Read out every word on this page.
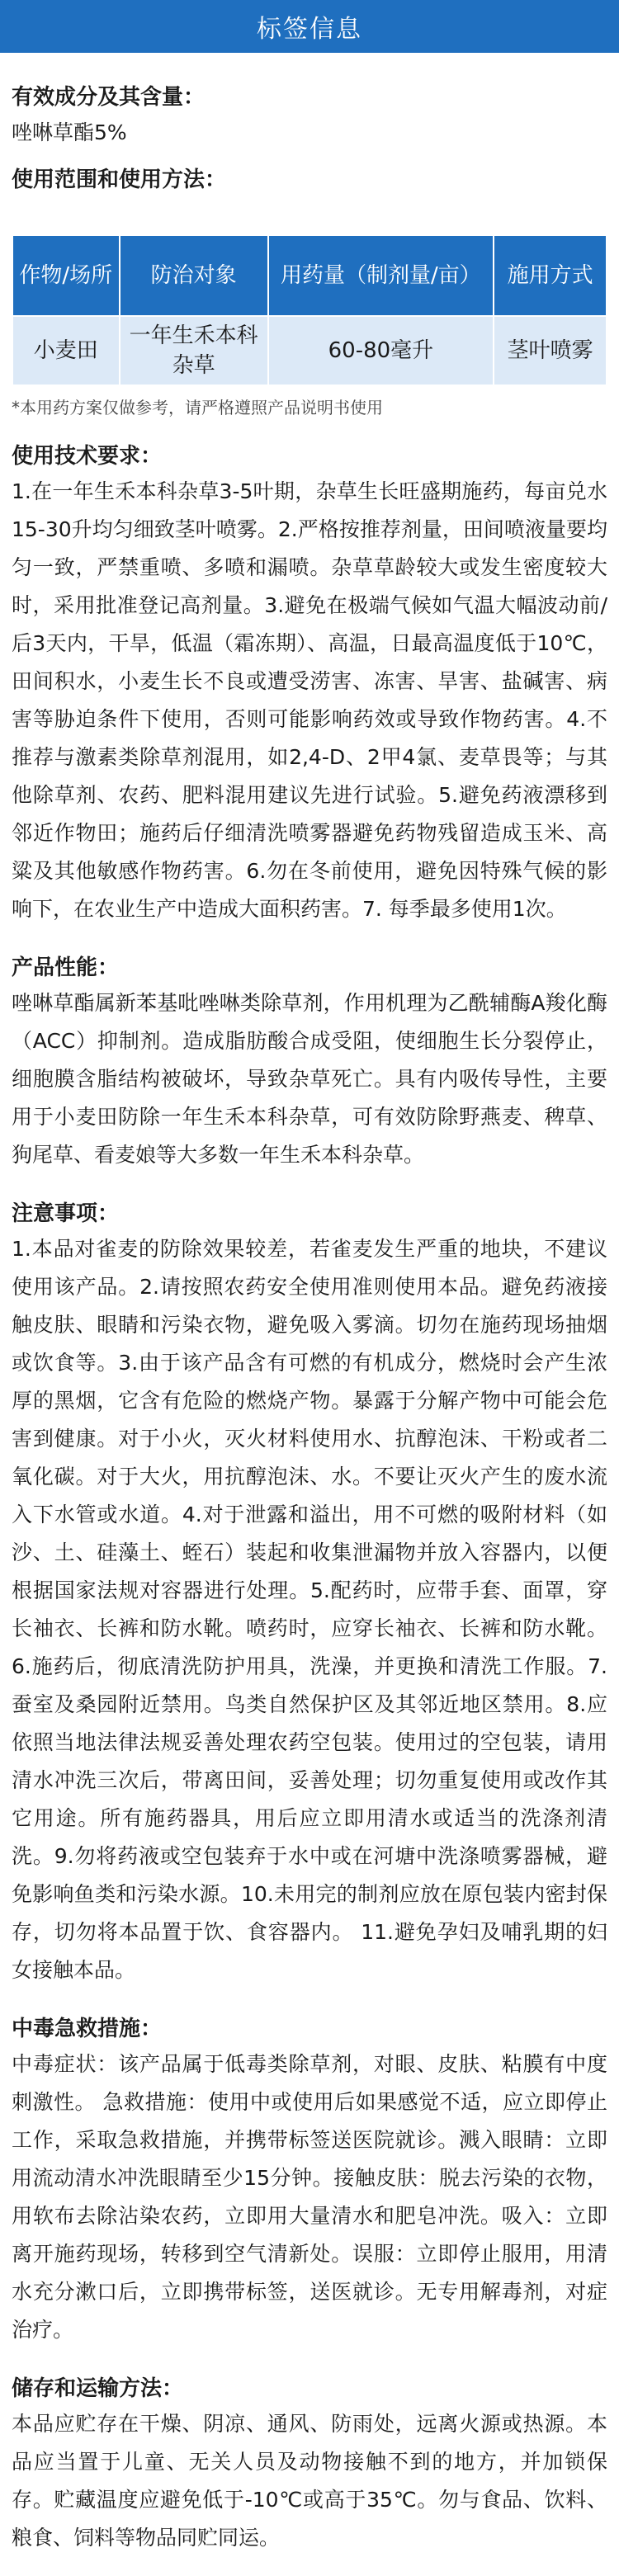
标签信息
有效成分及其含量：
唑啉草酯5%
使用范围和使用方法：
作物/场所	防治对象	用药量（制剂量/亩）	施用方式
小麦田	一年生禾本科杂草	60-80毫升	茎叶喷雾
*本用药方案仅做参考，请严格遵照产品说明书使用
使用技术要求：
1.在一年生禾本科杂草3-5叶期，杂草生长旺盛期施药，每亩兑水15-30升均匀细致茎叶喷雾。2.严格按推荐剂量，田间喷液量要均匀一致，严禁重喷、多喷和漏喷。杂草草龄较大或发生密度较大时，采用批准登记高剂量。3.避免在极端气候如气温大幅波动前/后3天内，干旱，低温（霜冻期）、高温，日最高温度低于10℃，田间积水，小麦生长不良或遭受涝害、冻害、旱害、盐碱害、病害等胁迫条件下使用，否则可能影响药效或导致作物药害。4.不推荐与激素类除草剂混用，如2,4-D、2甲4氯、麦草畏等；与其他除草剂、农药、肥料混用建议先进行试验。5.避免药液漂移到邻近作物田；施药后仔细清洗喷雾器避免药物残留造成玉米、高粱及其他敏感作物药害。6.勿在冬前使用，避免因特殊气候的影响下，在农业生产中造成大面积药害。7. 每季最多使用1次。
产品性能：
唑啉草酯属新苯基吡唑啉类除草剂，作用机理为乙酰辅酶A羧化酶（ACC）抑制剂。造成脂肪酸合成受阻，使细胞生长分裂停止，细胞膜含脂结构被破坏，导致杂草死亡。具有内吸传导性，主要用于小麦田防除一年生禾本科杂草，可有效防除野燕麦、稗草、狗尾草、看麦娘等大多数一年生禾本科杂草。
注意事项：
1.本品对雀麦的防除效果较差，若雀麦发生严重的地块，不建议使用该产品。2.请按照农药安全使用准则使用本品。避免药液接触皮肤、眼睛和污染衣物，避免吸入雾滴。切勿在施药现场抽烟或饮食等。3.由于该产品含有可燃的有机成分，燃烧时会产生浓厚的黑烟，它含有危险的燃烧产物。暴露于分解产物中可能会危害到健康。对于小火，灭火材料使用水、抗醇泡沫、干粉或者二氧化碳。对于大火，用抗醇泡沫、水。不要让灭火产生的废水流入下水管或水道。4.对于泄露和溢出，用不可燃的吸附材料（如沙、土、硅藻土、蛭石）装起和收集泄漏物并放入容器内，以便根据国家法规对容器进行处理。5.配药时，应带手套、面罩，穿长袖衣、长裤和防水靴。喷药时，应穿长袖衣、长裤和防水靴。6.施药后，彻底清洗防护用具，洗澡，并更换和清洗工作服。7.蚕室及桑园附近禁用。鸟类自然保护区及其邻近地区禁用。8.应依照当地法律法规妥善处理农药空包装。使用过的空包装，请用清水冲洗三次后，带离田间，妥善处理；切勿重复使用或改作其它用途。所有施药器具，用后应立即用清水或适当的洗涤剂清洗。9.勿将药液或空包装弃于水中或在河塘中洗涤喷雾器械，避免影响鱼类和污染水源。10.未用完的制剂应放在原包装内密封保存，切勿将本品置于饮、食容器内。 11.避免孕妇及哺乳期的妇女接触本品。
中毒急救措施：
中毒症状：该产品属于低毒类除草剂，对眼、皮肤、粘膜有中度刺激性。 急救措施：使用中或使用后如果感觉不适，应立即停止工作，采取急救措施，并携带标签送医院就诊。溅入眼睛：立即用流动清水冲洗眼睛至少15分钟。接触皮肤：脱去污染的衣物，用软布去除沾染农药，立即用大量清水和肥皂冲洗。吸入：立即离开施药现场，转移到空气清新处。误服：立即停止服用，用清水充分漱口后，立即携带标签，送医就诊。无专用解毒剂，对症治疗。
储存和运输方法：
本品应贮存在干燥、阴凉、通风、防雨处，远离火源或热源。本品应当置于儿童、无关人员及动物接触不到的地方，并加锁保存。贮藏温度应避免低于-10℃或高于35℃。勿与食品、饮料、粮食、饲料等物品同贮同运。
